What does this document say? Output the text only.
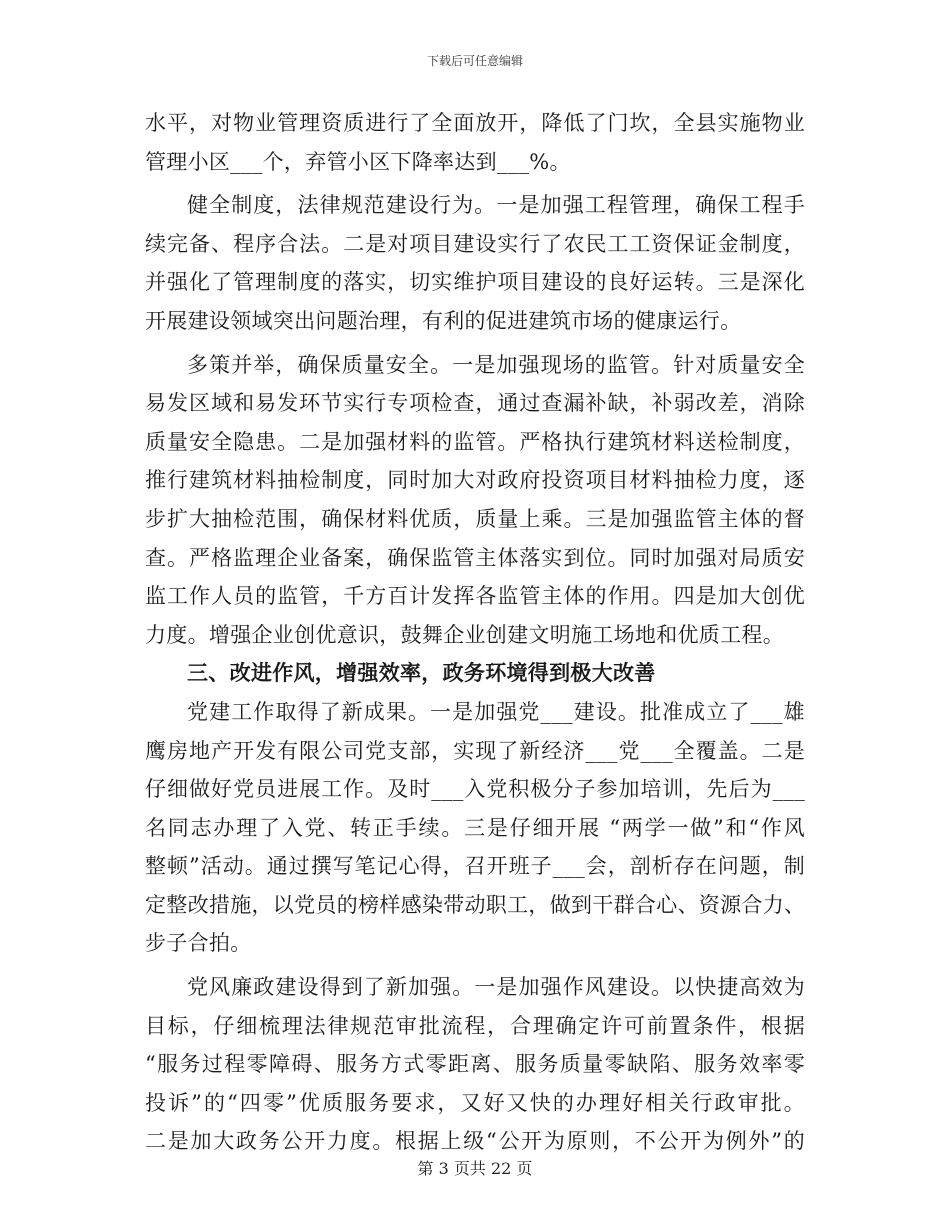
下载后可任意编辑
水平，对物业管理资质进行了全面放开，降低了门坎，全县实施物业
管理小区___个，弃管小区下降率达到___%。
健全制度，法律规范建设行为。一是加强工程管理，确保工程手
续完备、程序合法。二是对项目建设实行了农民工工资保证金制度，
并强化了管理制度的落实，切实维护项目建设的良好运转。三是深化
开展建设领域突出问题治理，有利的促进建筑市场的健康运行。
多策并举，确保质量安全。一是加强现场的监管。针对质量安全
易发区域和易发环节实行专项检查，通过查漏补缺，补弱改差，消除
质量安全隐患。二是加强材料的监管。严格执行建筑材料送检制度，
推行建筑材料抽检制度，同时加大对政府投资项目材料抽检力度，逐
步扩大抽检范围，确保材料优质，质量上乘。三是加强监管主体的督
查。严格监理企业备案，确保监管主体落实到位。同时加强对局质安
监工作人员的监管，千方百计发挥各监管主体的作用。四是加大创优
力度。增强企业创优意识，鼓舞企业创建文明施工场地和优质工程。
三、改进作风，增强效率，政务环境得到极大改善
党建工作取得了新成果。一是加强党___建设。批准成立了___雄
鹰房地产开发有限公司党支部，实现了新经济___党___全覆盖。二是
仔细做好党员进展工作。及时___入党积极分子参加培训，先后为___
名同志办理了入党、转正手续。三是仔细开展 “两学一做”和“作风
整顿”活动。通过撰写笔记心得，召开班子___会，剖析存在问题，制
定整改措施，以党员的榜样感染带动职工，做到干群合心、资源合力、
步子合拍。
党风廉政建设得到了新加强。一是加强作风建设。以快捷高效为
目标，仔细梳理法律规范审批流程，合理确定许可前置条件，根据
“服务过程零障碍、服务方式零距离、服务质量零缺陷、服务效率零
投诉”的“四零”优质服务要求，又好又快的办理好相关行政审批。
二是加大政务公开力度。根据上级“公开为原则，不公开为例外”的
第 3 页共 22 页
